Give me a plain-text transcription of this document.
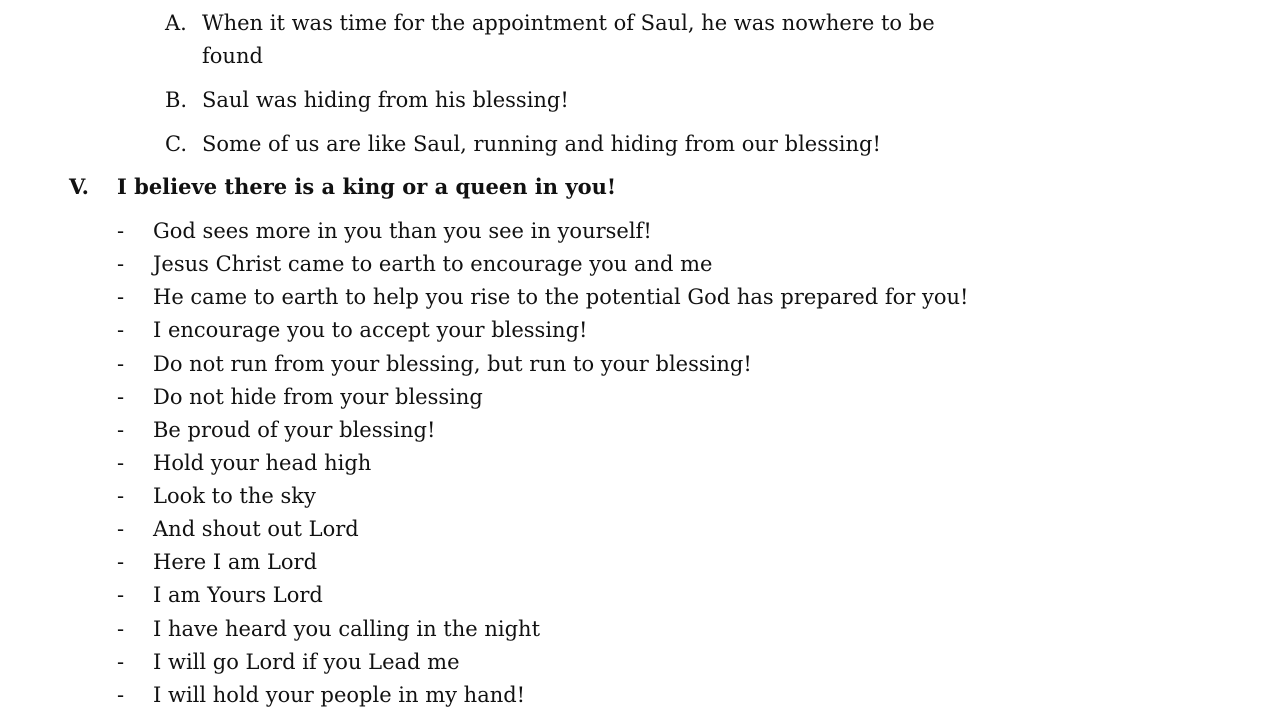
A. When it was time for the appointment of Saul, he was nowhere to be
found
B. Saul was hiding from his blessing!
C. Some of us are like Saul, running and hiding from our blessing!
V. I believe there is a king or a queen in you!
- God sees more in you than you see in yourself!
- Jesus Christ came to earth to encourage you and me
- He came to earth to help you rise to the potential God has prepared for you!
- I encourage you to accept your blessing!
- Do not run from your blessing, but run to your blessing!
- Do not hide from your blessing
- Be proud of your blessing!
- Hold your head high
- Look to the sky
- And shout out Lord
- Here I am Lord
- I am Yours Lord
- I have heard you calling in the night
- I will go Lord if you Lead me
- I will hold your people in my hand!
